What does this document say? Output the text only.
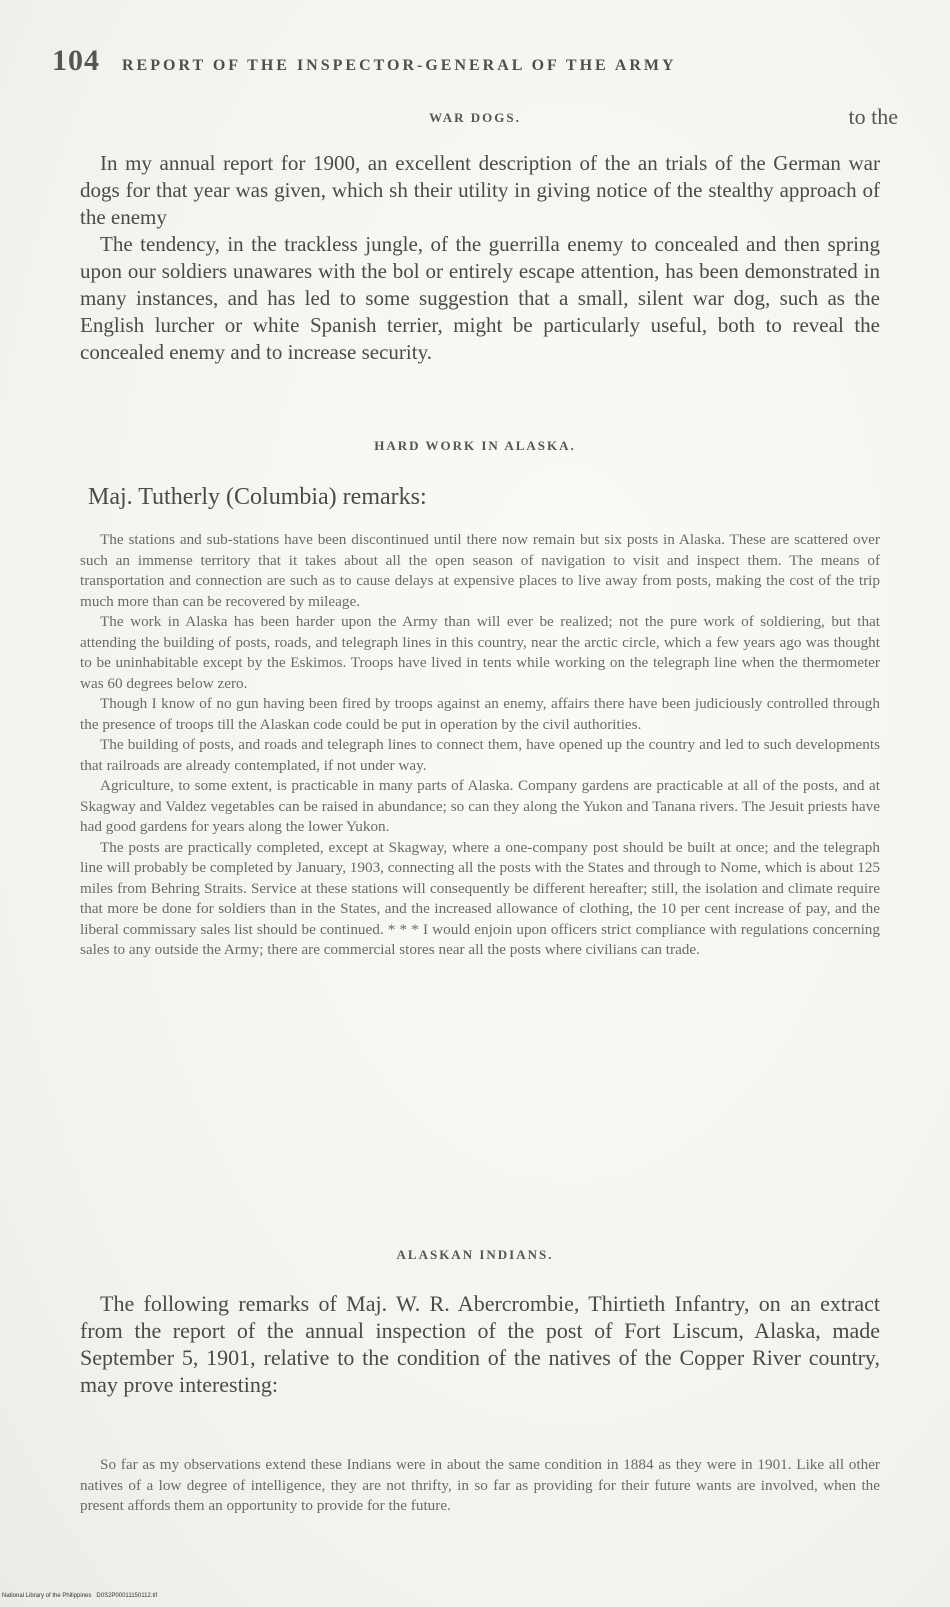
104 REPORT OF THE INSPECTOR-GENERAL OF THE ARMY
WAR DOGS.	to the

In my annual report for 1900, an excellent description of the an trials of the German war dogs for that year was given, which sh their utility in giving notice of the stealthy approach of the enemy

The tendency, in the trackless jungle, of the guerrilla enemy to concealed and then spring upon our soldiers unawares with the bol or entirely escape attention, has been demonstrated in many instances, and has led to some suggestion that a small, silent war dog, such as the English lurcher or white Spanish terrier, might be particularly useful, both to reveal the concealed enemy and to increase security.

HARD WORK IN ALASKA.
Maj. Tutherly (Columbia) remarks:

The stations and sub-stations have been discontinued until there now remain but six posts in Alaska. These are scattered over such an immense territory that it takes about all the open season of navigation to visit and inspect them. The means of transportation and connection are such as to cause delays at expensive places to live away from posts, making the cost of the trip much more than can be recovered by mileage.

The work in Alaska has been harder upon the Army than will ever be realized; not the pure work of soldiering, but that attending the building of posts, roads, and telegraph lines in this country, near the arctic circle, which a few years ago was thought to be uninhabitable except by the Eskimos. Troops have lived in tents while working on the telegraph line when the thermometer was 60 degrees below zero.

Though I know of no gun having been fired by troops against an enemy, affairs there have been judiciously controlled through the presence of troops till the Alaskan code could be put in operation by the civil authorities.

The building of posts, and roads and telegraph lines to connect them, have opened up the country and led to such developments that railroads are already contemplated, if not under way.

Agriculture, to some extent, is practicable in many parts of Alaska. Company gardens are practicable at all of the posts, and at Skagway and Valdez vegetables can be raised in abundance; so can they along the Yukon and Tanana rivers. The Jesuit priests have had good gardens for years along the lower Yukon.

The posts are practically completed, except at Skagway, where a one-company post should be built at once; and the telegraph line will probably be completed by January, 1903, connecting all the posts with the States and through to Nome, which is about 125 miles from Behring Straits. Service at these stations will consequently be different hereafter; still, the isolation and climate require that more be done for soldiers than in the States, and the increased allowance of clothing, the 10 per cent increase of pay, and the liberal commissary sales list should be continued. * * * I would enjoin upon officers strict compliance with regulations concerning sales to any outside the Army; there are commercial stores near all the posts where civilians can trade.

ALASKAN INDIANS.

The following remarks of Maj. W. R. Abercrombie, Thirtieth Infantry, on an extract from the report of the annual inspection of the post of Fort Liscum, Alaska, made September 5, 1901, relative to the condition of the natives of the Copper River country, may prove interesting:

So far as my observations extend these Indians were in about the same condition in 1884 as they were in 1901. Like all other natives of a low degree of intelligence, they are not thrifty, in so far as providing for their future wants are involved, when the present affords them an opportunity to provide for the future.

National Library of the Philippines D0S2P00011150112.tif
